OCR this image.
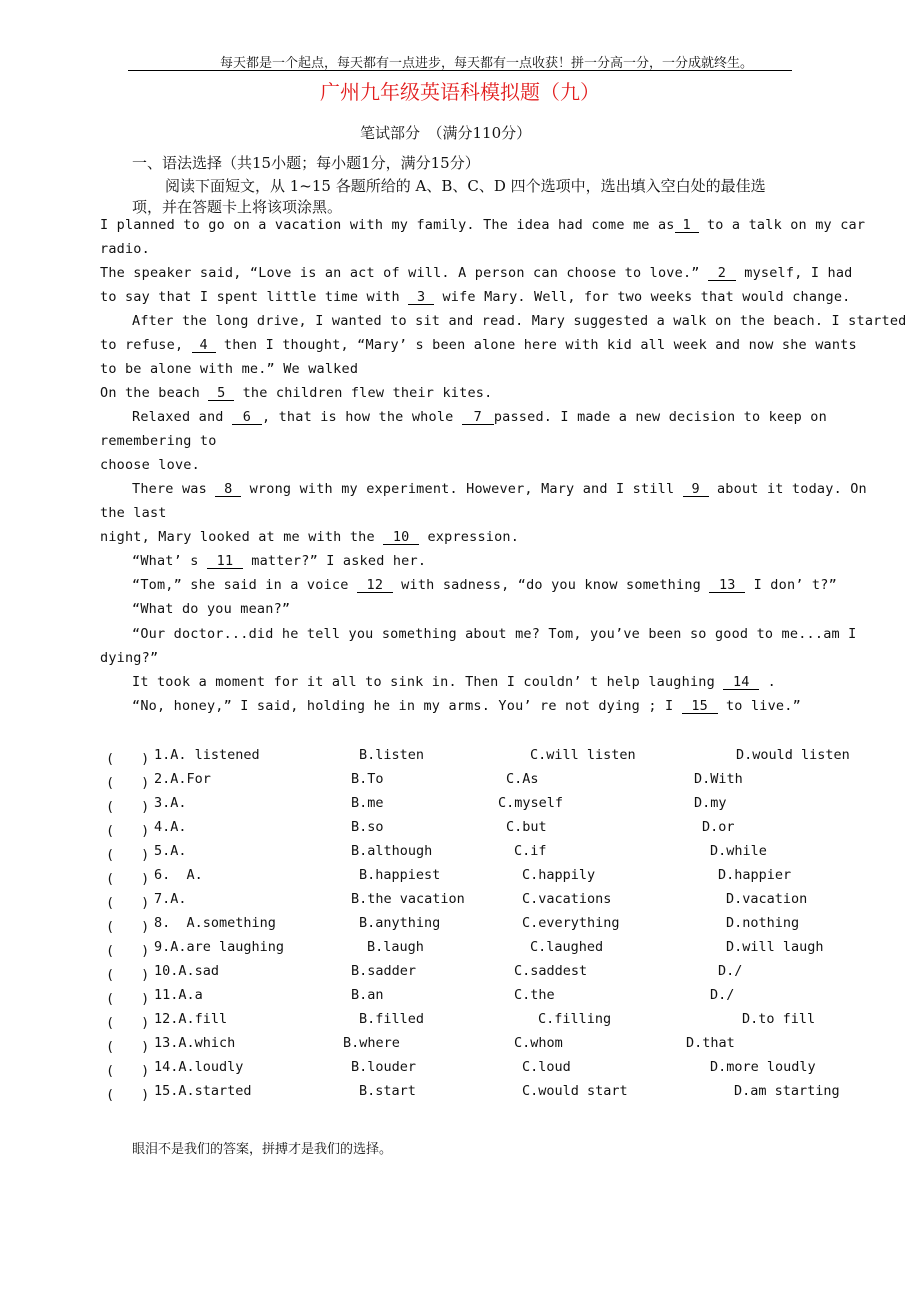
每天都是一个起点，每天都有一点进步，每天都有一点收获！拼一分高一分，一分成就终生。
广州九年级英语科模拟题（九）
笔试部分　（满分110分）
一、语法选择（共15小题；每小题1分，满分15分）
阅读下面短文，从 1~15 各题所给的 A、B、C、D 四个选项中，选出填入空白处的最佳选
项，并在答题卡上将该项涂黑。
I planned to go on a vacation with my family. The idea had come me as 1 to a talk on my car
radio.
The speaker said, “Love is an act of will. A person can choose to love.” 2 myself, I had
to say that I spent little time with 3 wife Mary. Well, for two weeks that would change.
After the long drive, I wanted to sit and read. Mary suggested a walk on the beach. I started
to refuse, 4 then I thought, “Mary’ s been alone here with kid all week and now she wants
to be alone with me.” We walked
On the beach 5 the children flew their kites.
Relaxed and 6 , that is how the whole 7 passed. I made a new decision to keep on
remembering to
choose love.
There was 8 wrong with my experiment. However, Mary and I still 9 about it today. On
the last
night, Mary looked at me with the 10 expression.
“What’ s 11 matter?” I asked her.
“Tom,” she said in a voice 12 with sadness, “do you know something 13 I don’ t?”
“What do you mean?”
“Our doctor...did he tell you something about me? Tom, you’ve been so good to me...am I
dying?”
It took a moment for it all to sink in. Then I couldn’ t help laughing 14 .
“No, honey,” I said, holding he in my arms. You’ re not dying ; I 15 to live.”
(　　) 1.A. listened	B.listen	C.will listen	D.would listen
(　　) 2.A.For	B.To	C.As	D.With
(　　) 3.A.	B.me	C.myself	D.my
(　　) 4.A.	B.so	C.but	D.or
(　　) 5.A.	B.although	C.if	D.while
(　　) 6.  A.	B.happiest	C.happily	D.happier
(　　) 7.A.	B.the vacation	C.vacations	D.vacation
(　　) 8.  A.something	B.anything	C.everything	D.nothing
(　　) 9.A.are laughing	B.laugh	C.laughed	D.will laugh
(　　) 10.A.sad	B.sadder	C.saddest	D./
(　　) 11.A.a	B.an	C.the	D./
(　　) 12.A.fill	B.filled	C.filling	D.to fill
(　　) 13.A.which	B.where	C.whom	D.that
(　　) 14.A.loudly	B.louder	C.loud	D.more loudly
(　　) 15.A.started	B.start	C.would start	D.am starting
眼泪不是我们的答案，拼搏才是我们的选择。
